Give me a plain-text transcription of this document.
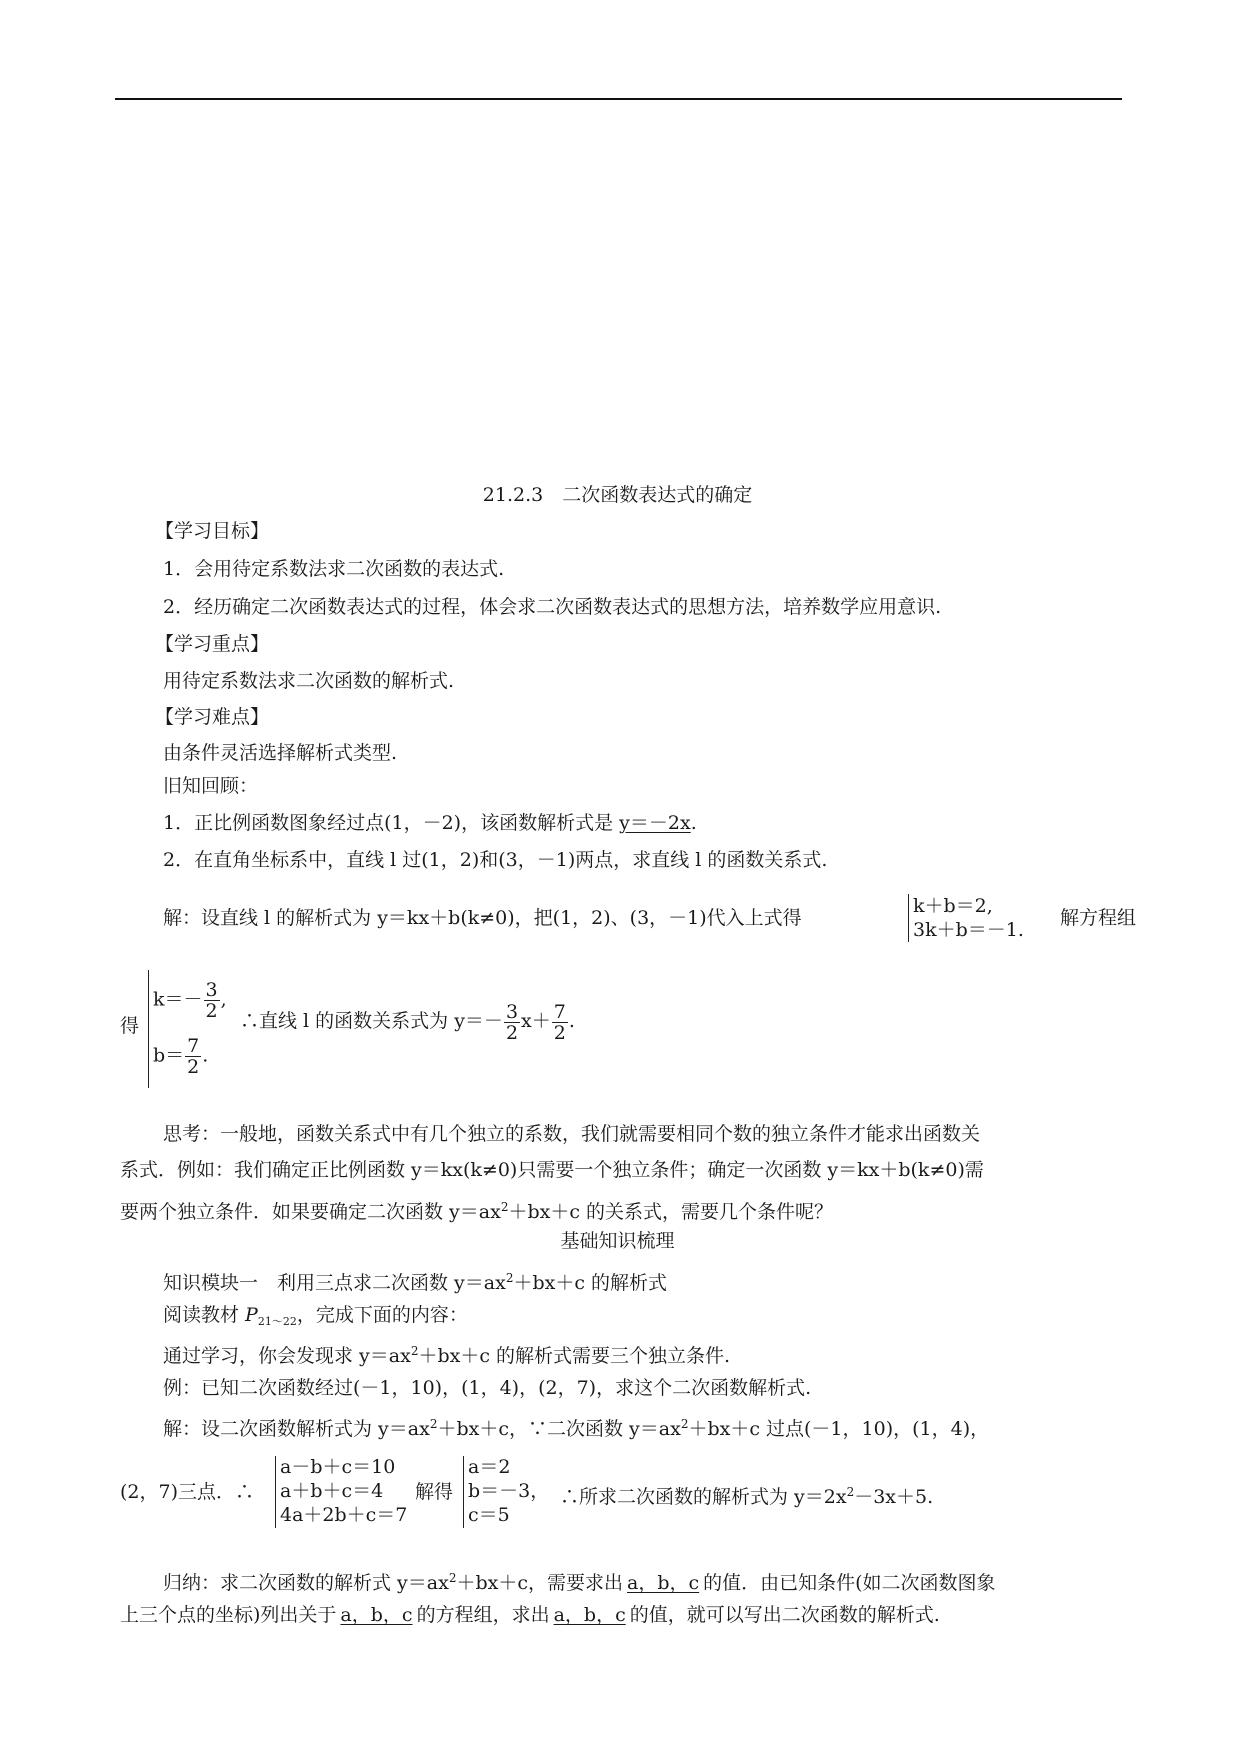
21.2.3　二次函数表达式的确定
【学习目标】
1．会用待定系数法求二次函数的表达式.
2．经历确定二次函数表达式的过程，体会求二次函数表达式的思想方法，培养数学应用意识.
【学习重点】
用待定系数法求二次函数的解析式.
【学习难点】
由条件灵活选择解析式类型.
旧知回顾：
1．正比例函数图象经过点(1，－2)，该函数解析式是 y＝－2x.
2．在直角坐标系中，直线 l 过(1，2)和(3，－1)两点，求直线 l 的函数关系式.
解：设直线 l 的解析式为 y＝kx＋b(k≠0)，把(1，2)、(3，－1)代入上式得
k＋b＝2,
3k＋b＝－1.
解方程组
得
$k=- \frac{3}{2}$ ,
$b= \frac{7}{2}$ .
∴直线 l 的函数关系式为 $y=- \frac{3}{2} x+ \frac{7}{2}$ .
思考：一般地，函数关系式中有几个独立的系数，我们就需要相同个数的独立条件才能求出函数关
系式．例如：我们确定正比例函数 y＝kx(k≠0)只需要一个独立条件；确定一次函数 y＝kx＋b(k≠0)需
要两个独立条件．如果要确定二次函数 $y=ax^2+bx+c$ 的关系式，需要几个条件呢？
基础知识梳理
知识模块一　利用三点求二次函数 $y=ax^2+bx+c$ 的解析式
阅读教材 $P_{21\sim 22}$，完成下面的内容：
通过学习，你会发现求 $y=ax^2+bx+c$ 的解析式需要三个独立条件.
例：已知二次函数经过(－1，10)，(1，4)，(2，7)，求这个二次函数解析式.
解：设二次函数解析式为 $y=ax^2+bx+c$，∵二次函数 $y=ax^2+bx+c$ 过点(－1，10)，(1，4)，
(2，7)三点．∴
a－b＋c＝10
a＋b＋c＝4
4a＋2b＋c＝7
解得
a＝2
b＝－3，
c＝5
∴所求二次函数的解析式为 $y=2x^2-3x+5$.
归纳：求二次函数的解析式 $y=ax^2+bx+c$，需要求出 a，b，c 的值．由已知条件(如二次函数图象
上三个点的坐标)列出关于 a，b，c 的方程组，求出 a，b，c 的值，就可以写出二次函数的解析式.
